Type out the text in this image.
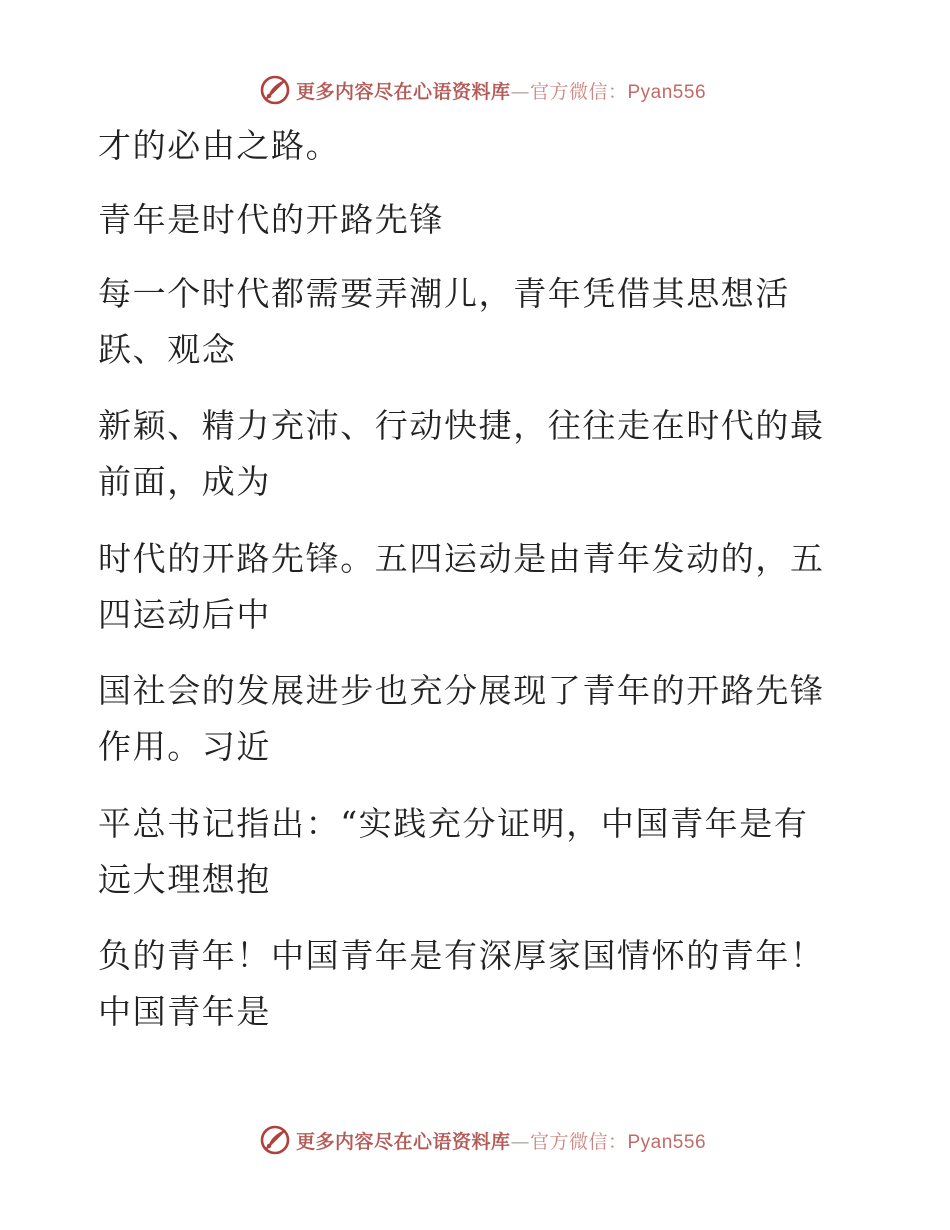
更多内容尽在心语资料库—官方微信：Pyan556
才的必由之路。
青年是时代的开路先锋
每一个时代都需要弄潮儿，青年凭借其思想活
跃、观念
新颖、精力充沛、行动快捷，往往走在时代的最
前面，成为
时代的开路先锋。五四运动是由青年发动的，五
四运动后中
国社会的发展进步也充分展现了青年的开路先锋
作用。习近
平总书记指出：“实践充分证明，中国青年是有
远大理想抱
负的青年！中国青年是有深厚家国情怀的青年！
中国青年是
更多内容尽在心语资料库—官方微信：Pyan556
